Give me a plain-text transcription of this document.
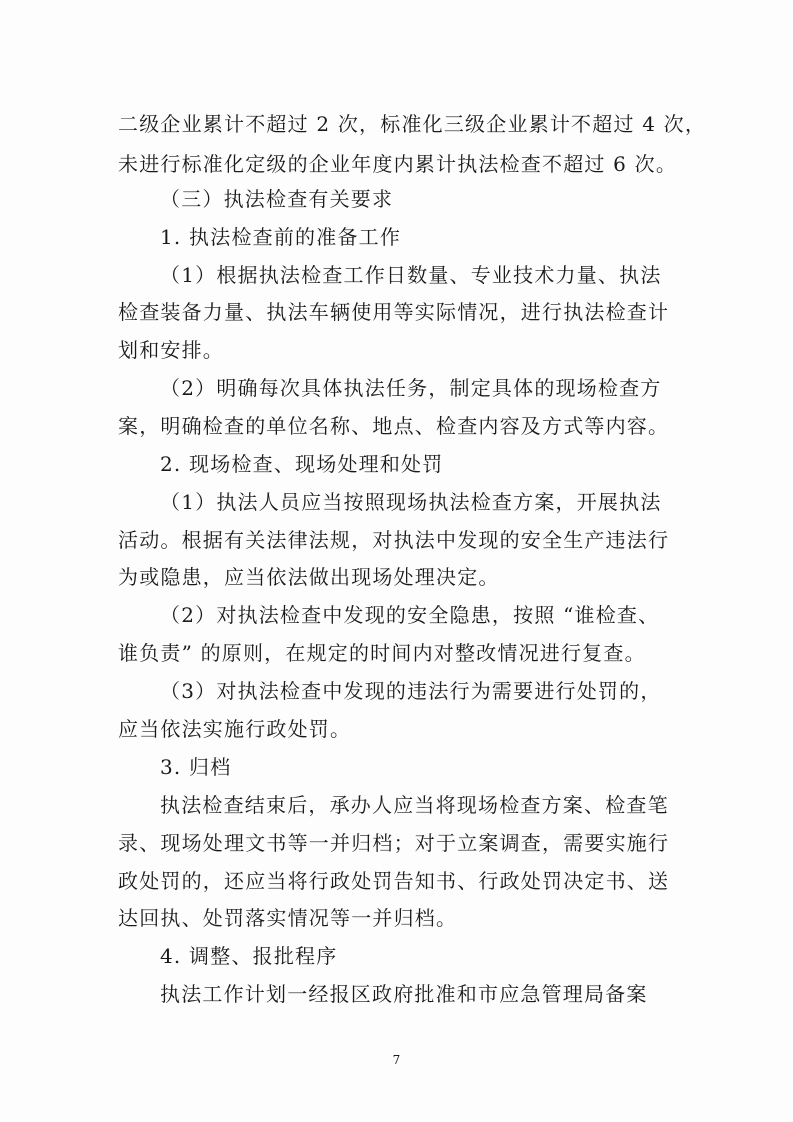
二级企业累计不超过 2 次，标准化三级企业累计不超过 4 次，
未进行标准化定级的企业年度内累计执法检查不超过 6 次。
（三）执法检查有关要求
1. 执法检查前的准备工作
（1）根据执法检查工作日数量、专业技术力量、执法
检查装备力量、执法车辆使用等实际情况，进行执法检查计
划和安排。
（2）明确每次具体执法任务，制定具体的现场检查方
案，明确检查的单位名称、地点、检查内容及方式等内容。
2. 现场检查、现场处理和处罚
（1）执法人员应当按照现场执法检查方案，开展执法
活动。根据有关法律法规，对执法中发现的安全生产违法行
为或隐患，应当依法做出现场处理决定。
（2）对执法检查中发现的安全隐患，按照 “谁检查、
谁负责” 的原则，在规定的时间内对整改情况进行复查。
（3）对执法检查中发现的违法行为需要进行处罚的，
应当依法实施行政处罚。
3. 归档
执法检查结束后，承办人应当将现场检查方案、检查笔
录、现场处理文书等一并归档；对于立案调查，需要实施行
政处罚的，还应当将行政处罚告知书、行政处罚决定书、送
达回执、处罚落实情况等一并归档。
4. 调整、报批程序
执法工作计划一经报区政府批准和市应急管理局备案
7
